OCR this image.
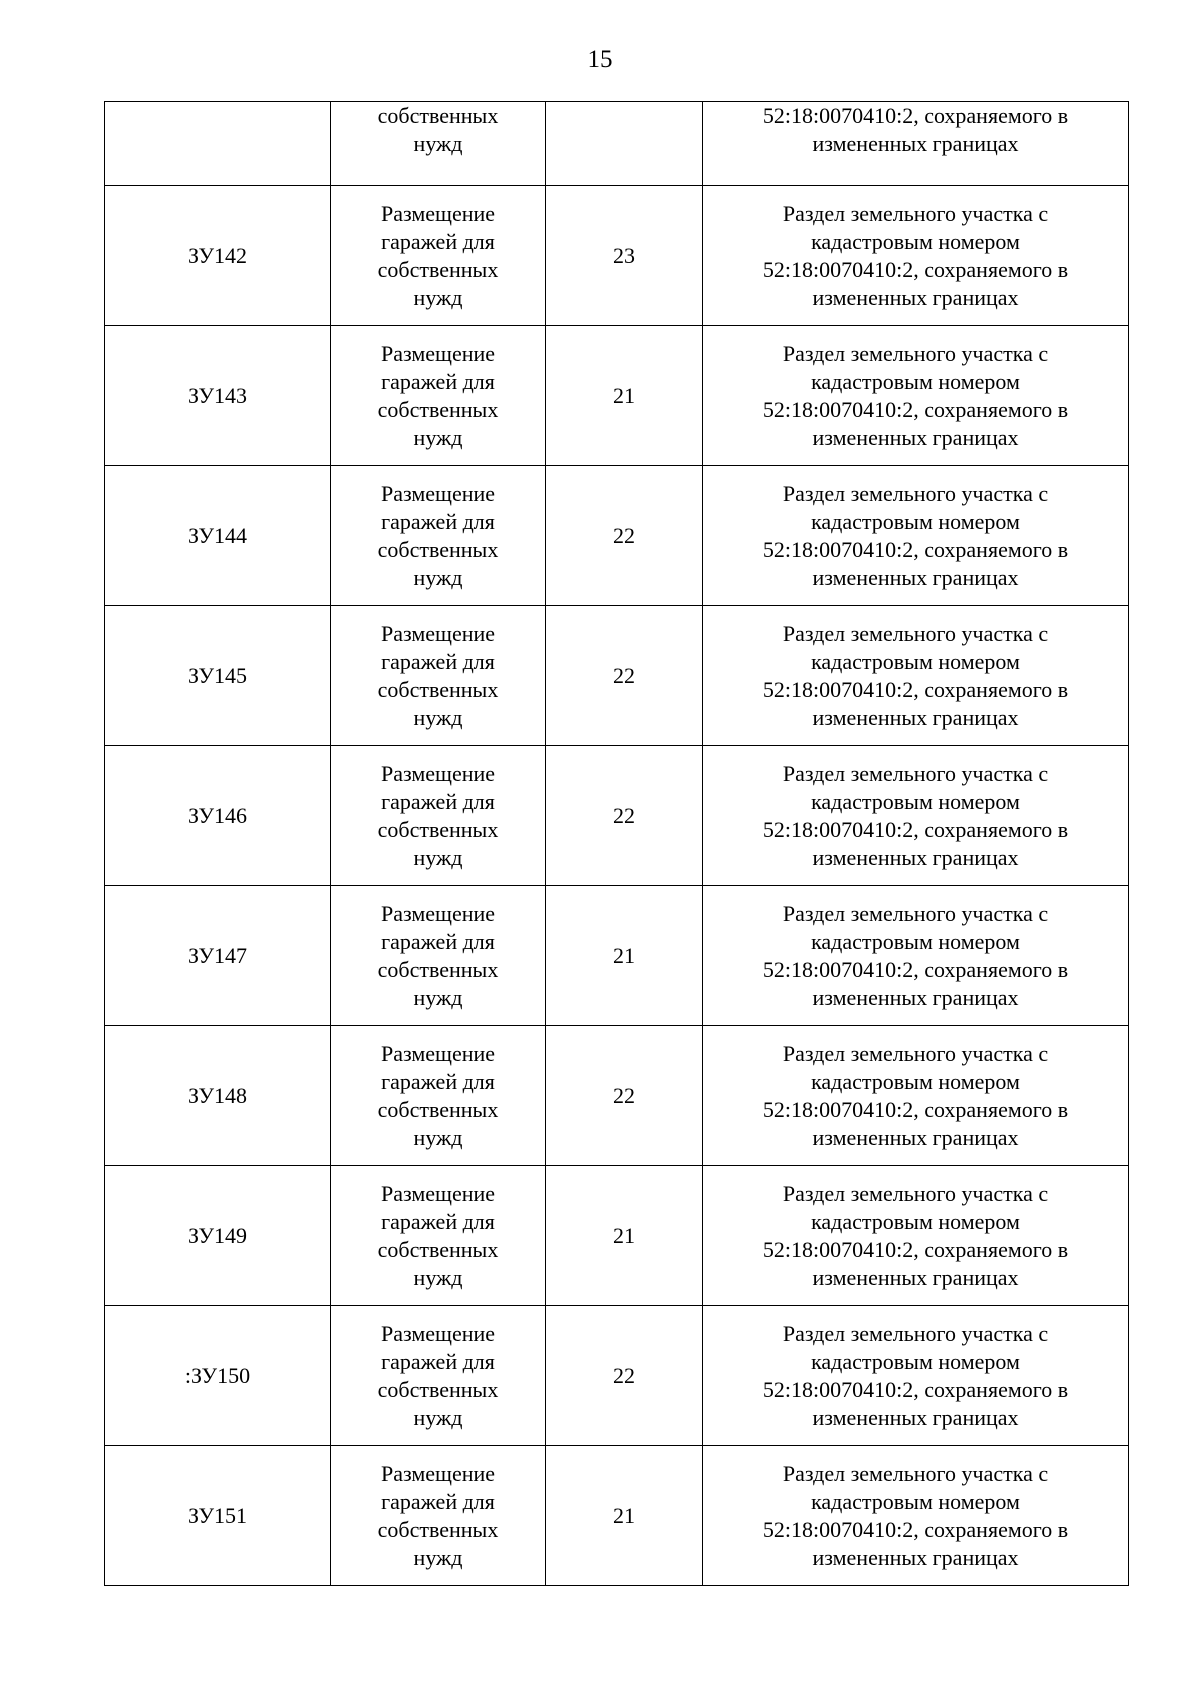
15

	собственных
нужд		52:18:0070410:2, сохраняемого в
измененных границах

ЗУ142	Размещение
гаражей для
собственных
нужд	23	Раздел земельного участка с
кадастровым номером
52:18:0070410:2, сохраняемого в
измененных границах

ЗУ143	Размещение
гаражей для
собственных
нужд	21	Раздел земельного участка с
кадастровым номером
52:18:0070410:2, сохраняемого в
измененных границах

ЗУ144	Размещение
гаражей для
собственных
нужд	22	Раздел земельного участка с
кадастровым номером
52:18:0070410:2, сохраняемого в
измененных границах

ЗУ145	Размещение
гаражей для
собственных
нужд	22	Раздел земельного участка с
кадастровым номером
52:18:0070410:2, сохраняемого в
измененных границах

ЗУ146	Размещение
гаражей для
собственных
нужд	22	Раздел земельного участка с
кадастровым номером
52:18:0070410:2, сохраняемого в
измененных границах

ЗУ147	Размещение
гаражей для
собственных
нужд	21	Раздел земельного участка с
кадастровым номером
52:18:0070410:2, сохраняемого в
измененных границах

ЗУ148	Размещение
гаражей для
собственных
нужд	22	Раздел земельного участка с
кадастровым номером
52:18:0070410:2, сохраняемого в
измененных границах

ЗУ149	Размещение
гаражей для
собственных
нужд	21	Раздел земельного участка с
кадастровым номером
52:18:0070410:2, сохраняемого в
измененных границах

:ЗУ150	Размещение
гаражей для
собственных
нужд	22	Раздел земельного участка с
кадастровым номером
52:18:0070410:2, сохраняемого в
измененных границах

ЗУ151	Размещение
гаражей для
собственных
нужд	21	Раздел земельного участка с
кадастровым номером
52:18:0070410:2, сохраняемого в
измененных границах
